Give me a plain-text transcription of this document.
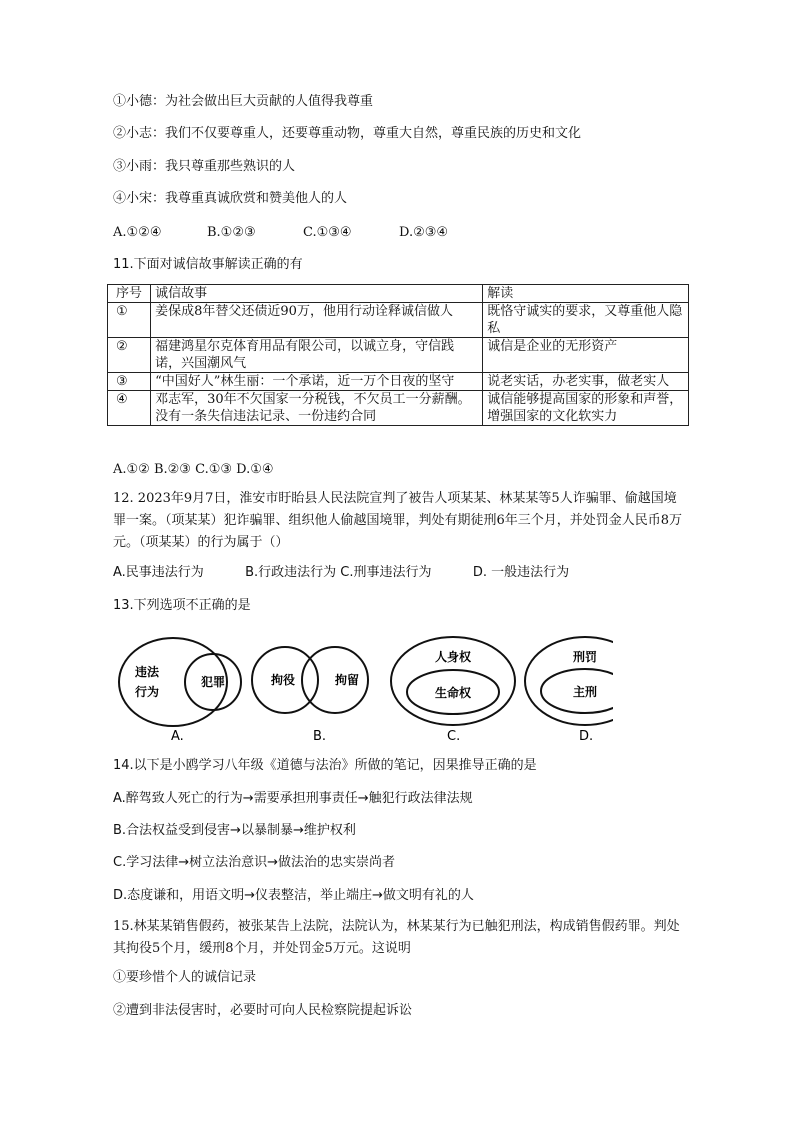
①小德：为社会做出巨大贡献的人值得我尊重
②小志：我们不仅要尊重人，还要尊重动物，尊重大自然，尊重民族的历史和文化
③小雨：我只尊重那些熟识的人
④小宋：我尊重真诚欣赏和赞美他人的人
A.①②④	B.①②③	C.①③④	D.②③④
11.下面对诚信故事解读正确的有
序号	诚信故事	解读
①	姜保成8年替父还债近90万，他用行动诠释诚信做人	既恪守诚实的要求，又尊重他人隐私
②	福建鸿星尔克体育用品有限公司，以诚立身，守信践诺，兴国潮风气	诚信是企业的无形资产
③	“中国好人”林生丽：一个承诺，近一万个日夜的坚守	说老实话，办老实事，做老实人
④	邓志军，30年不欠国家一分税钱，不欠员工一分薪酬。没有一条失信违法记录、一份违约合同	诚信能够提高国家的形象和声誉，增强国家的文化软实力
A.①② B.②③ C.①③ D.①④
12. 2023年9月7日，淮安市盱眙县人民法院宣判了被告人项某某、林某某等5人诈骗罪、偷越国境罪一案。（项某某）犯诈骗罪、组织他人偷越国境罪，判处有期徒刑6年三个月，并处罚金人民币8万元。（项某某）的行为属于（）
A.民事违法行为          B.行政违法行为 C.刑事违法行为          D. 一般违法行为
13.下列选项不正确的是
违法
行为
犯罪
A.
拘役	拘留
B.
人身权
生命权
C.
刑罚
主刑
D.
14.以下是小鸥学习八年级《道德与法治》所做的笔记，因果推导正确的是
A.醉驾致人死亡的行为→需要承担刑事责任→触犯行政法律法规
B.合法权益受到侵害→以暴制暴→维护权利
C.学习法律→树立法治意识→做法治的忠实崇尚者
D.态度谦和，用语文明→仪表整洁，举止端庄→做文明有礼的人
15.林某某销售假药，被张某告上法院，法院认为，林某某行为已触犯刑法，构成销售假药罪。判处其拘役5个月，缓刑8个月，并处罚金5万元。这说明
①要珍惜个人的诚信记录
②遭到非法侵害时，必要时可向人民检察院提起诉讼
